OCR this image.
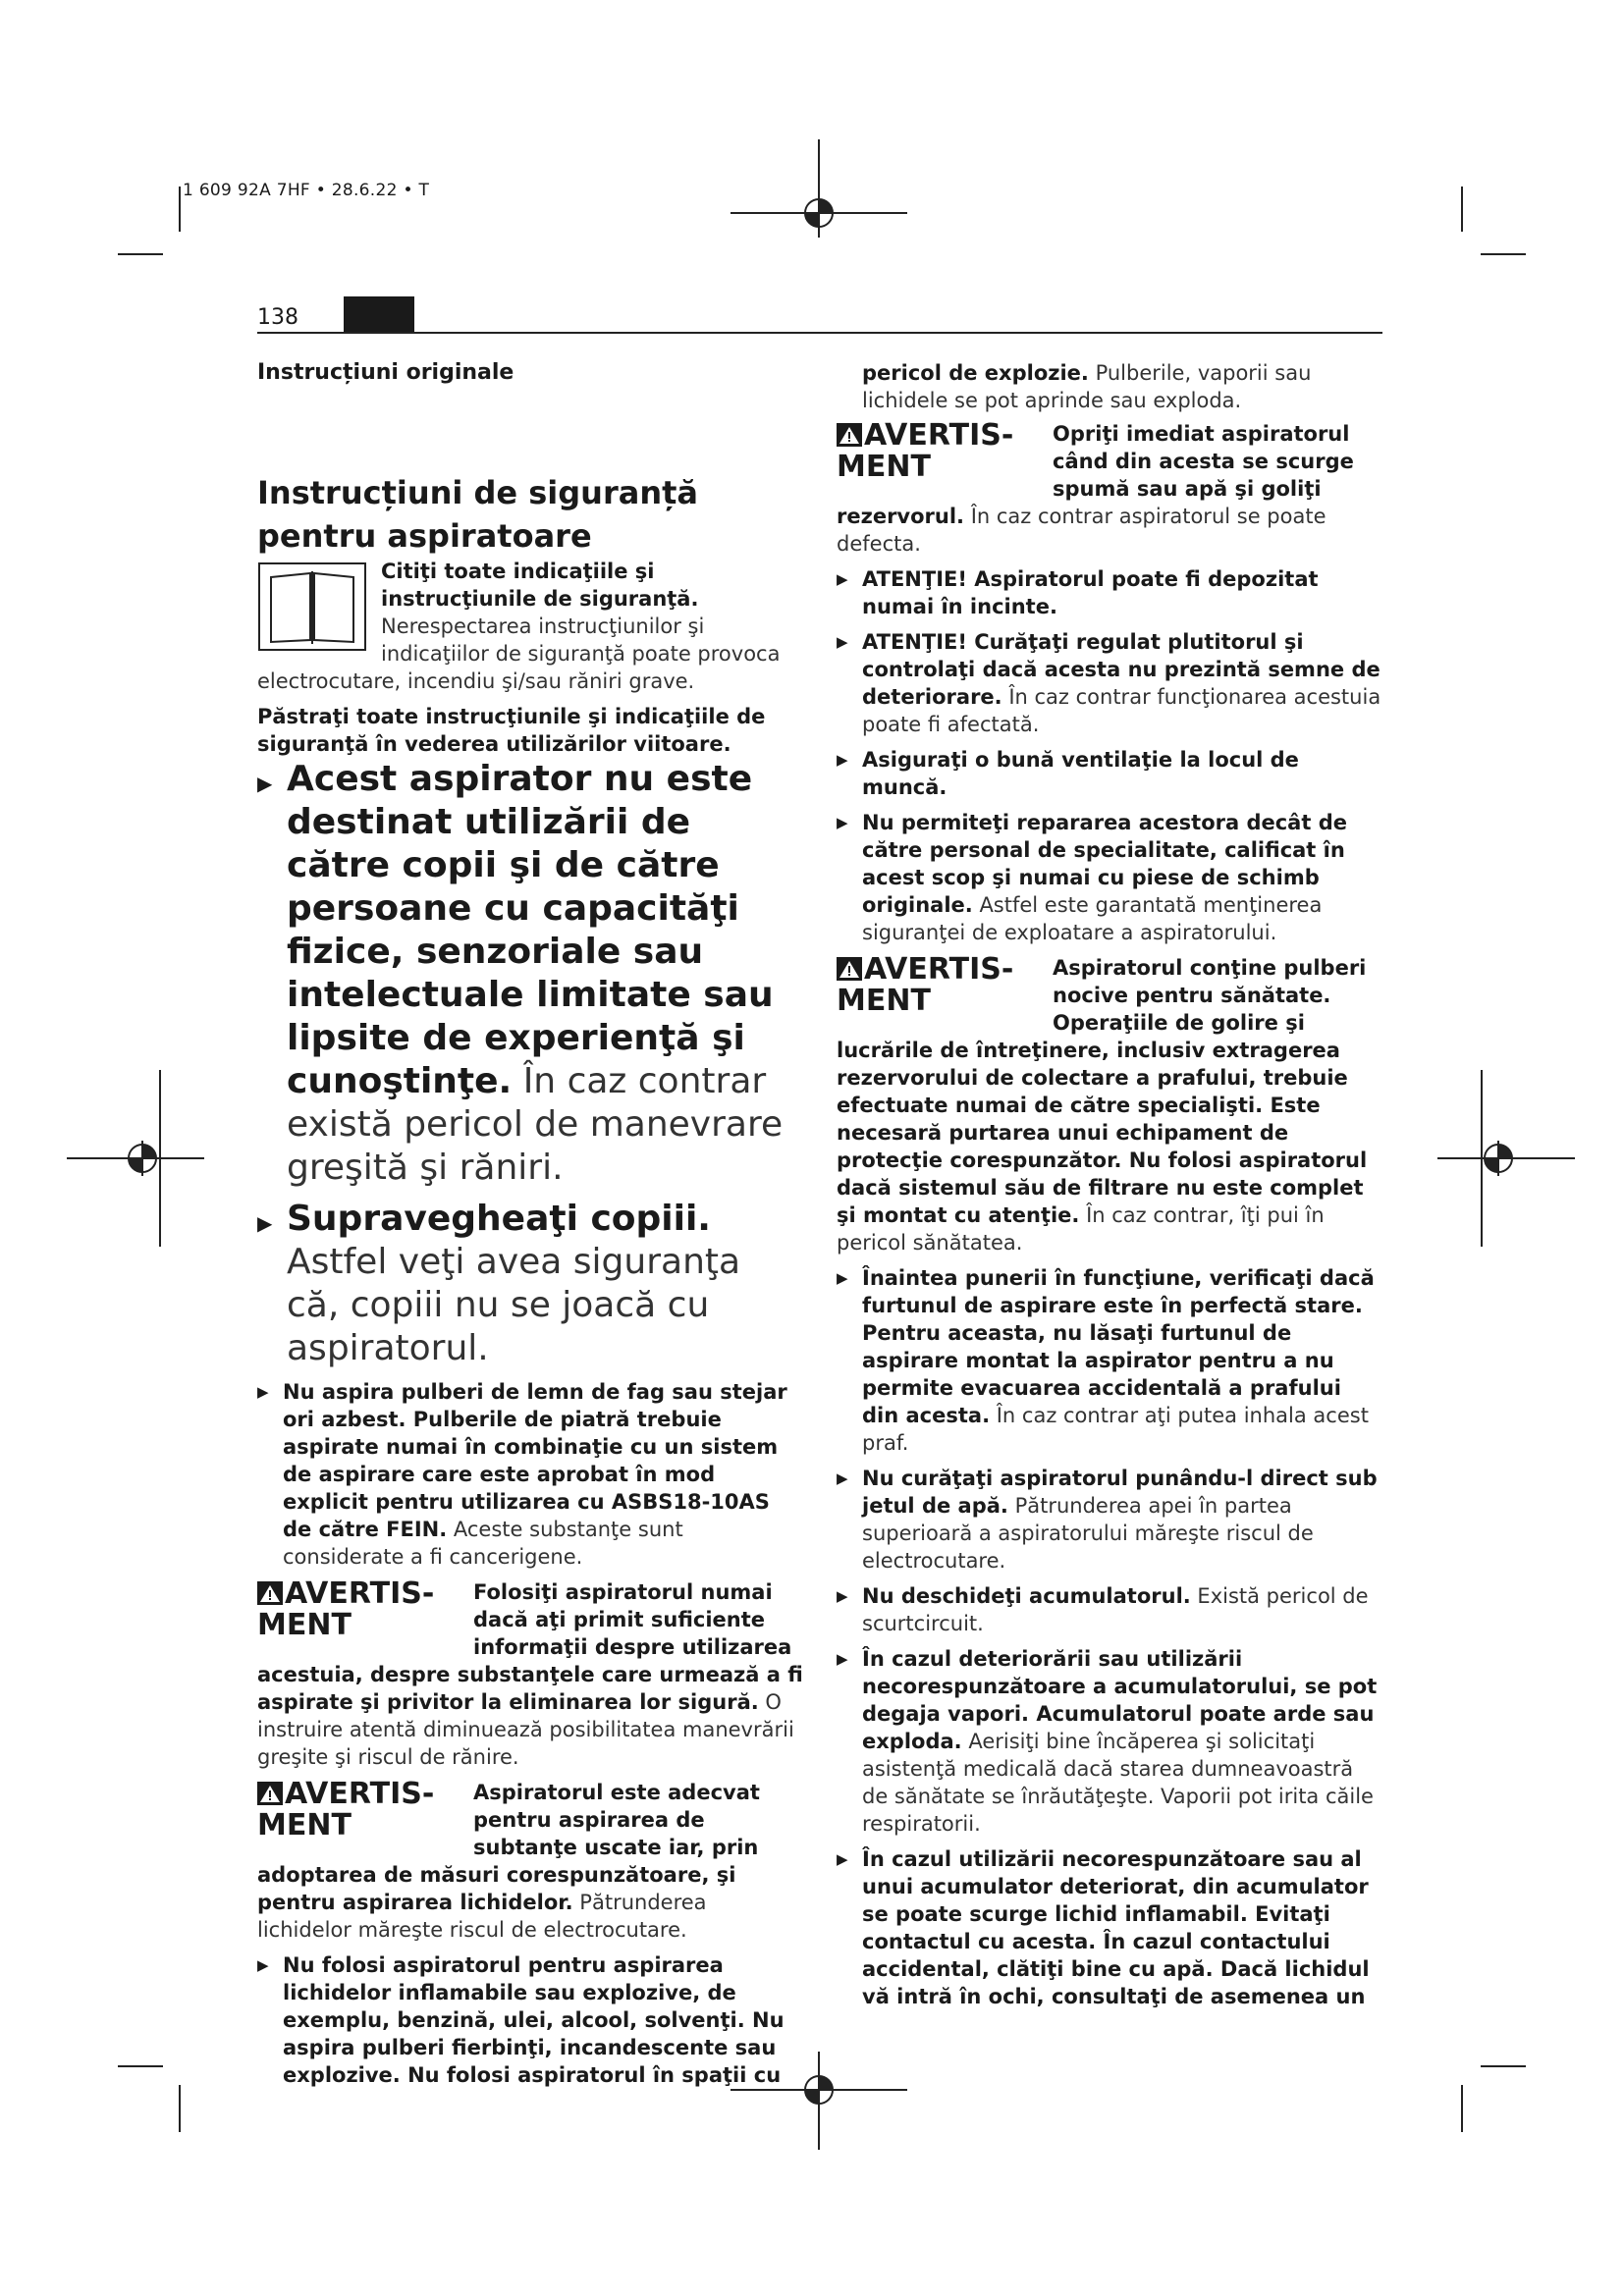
1 609 92A 7HF • 28.6.22 • T
138

Instrucțiuni originale

Instrucțiuni de siguranță pentru aspiratoare

Citiţi toate indicaţiile şi instrucţiunile de siguranţă. Nerespectarea instrucţiunilor şi indicaţiilor de siguranţă poate provoca electrocutare, incendiu şi/sau răniri grave.

Păstraţi toate instrucţiunile şi indicaţiile de siguranţă în vederea utilizărilor viitoare.

▶ Acest aspirator nu este destinat utilizării de către copii şi de către persoane cu capacităţi fizice, senzoriale sau intelectuale limitate sau lipsite de experienţă şi cunoştinţe. În caz contrar există pericol de manevrare greşită şi răniri.
▶ Supravegheaţi copiii. Astfel veţi avea siguranţa că, copiii nu se joacă cu aspiratorul.
▶ Nu aspira pulberi de lemn de fag sau stejar ori azbest. Pulberile de piatră trebuie aspirate numai în combinaţie cu un sistem de aspirare care este aprobat în mod explicit pentru utilizarea cu ASBS18-10AS de către FEIN. Aceste substanţe sunt considerate a fi cancerigene.
AVERTIS-MENT
Folosiţi aspiratorul numai dacă aţi primit suficiente informaţii despre utilizarea acestuia, despre substanţele care urmează a fi aspirate şi privitor la eliminarea lor sigură. O instruire atentă diminuează posibilitatea manevrării greşite şi riscul de rănire.
AVERTIS-MENT
Aspiratorul este adecvat pentru aspirarea de subtanţe uscate iar, prin adoptarea de măsuri corespunzătoare, şi pentru aspirarea lichidelor. Pătrunderea lichidelor măreşte riscul de electrocutare.
▶ Nu folosi aspiratorul pentru aspirarea lichidelor inflamabile sau explozive, de exemplu, benzină, ulei, alcool, solvenţi. Nu aspira pulberi fierbinţi, incandescente sau explozive. Nu folosi aspiratorul în spaţii cu

pericol de explozie. Pulberile, vaporii sau lichidele se pot aprinde sau exploda.

AVERTIS-MENT
Opriţi imediat aspiratorul când din acesta se scurge spumă sau apă şi goliţi rezervorul. În caz contrar aspiratorul se poate defecta.
▶ ATENŢIE! Aspiratorul poate fi depozitat numai în incinte.
▶ ATENŢIE! Curăţaţi regulat plutitorul şi controlaţi dacă acesta nu prezintă semne de deteriorare. În caz contrar funcţionarea acestuia poate fi afectată.
▶ Asiguraţi o bună ventilaţie la locul de muncă.
▶ Nu permiteţi repararea acestora decât de către personal de specialitate, calificat în acest scop şi numai cu piese de schimb originale. Astfel este garantată menţinerea siguranţei de exploatare a aspiratorului.
AVERTIS-MENT
Aspiratorul conţine pulberi nocive pentru sănătate. Operaţiile de golire şi lucrările de întreţinere, inclusiv extragerea rezervorului de colectare a prafului, trebuie efectuate numai de către specialişti. Este necesară purtarea unui echipament de protecţie corespunzător. Nu folosi aspiratorul dacă sistemul său de filtrare nu este complet şi montat cu atenţie. În caz contrar, îţi pui în pericol sănătatea.
▶ Înaintea punerii în funcţiune, verificaţi dacă furtunul de aspirare este în perfectă stare. Pentru aceasta, nu lăsaţi furtunul de aspirare montat la aspirator pentru a nu permite evacuarea accidentală a prafului din acesta. În caz contrar aţi putea inhala acest praf.
▶ Nu curăţaţi aspiratorul punându-l direct sub jetul de apă. Pătrunderea apei în partea superioară a aspiratorului măreşte riscul de electrocutare.
▶ Nu deschideţi acumulatorul. Există pericol de scurtcircuit.
▶ În cazul deteriorării sau utilizării necorespunzătoare a acumulatorului, se pot degaja vapori. Acumulatorul poate arde sau exploda. Aerisiţi bine încăperea şi solicitaţi asistenţă medicală dacă starea dumneavoastră de sănătate se înrăutăţeşte. Vaporii pot irita căile respiratorii.
▶ În cazul utilizării necorespunzătoare sau al unui acumulator deteriorat, din acumulator se poate scurge lichid inflamabil. Evitaţi contactul cu acesta. În cazul contactului accidental, clătiţi bine cu apă. Dacă lichidul vă intră în ochi, consultaţi de asemenea un
